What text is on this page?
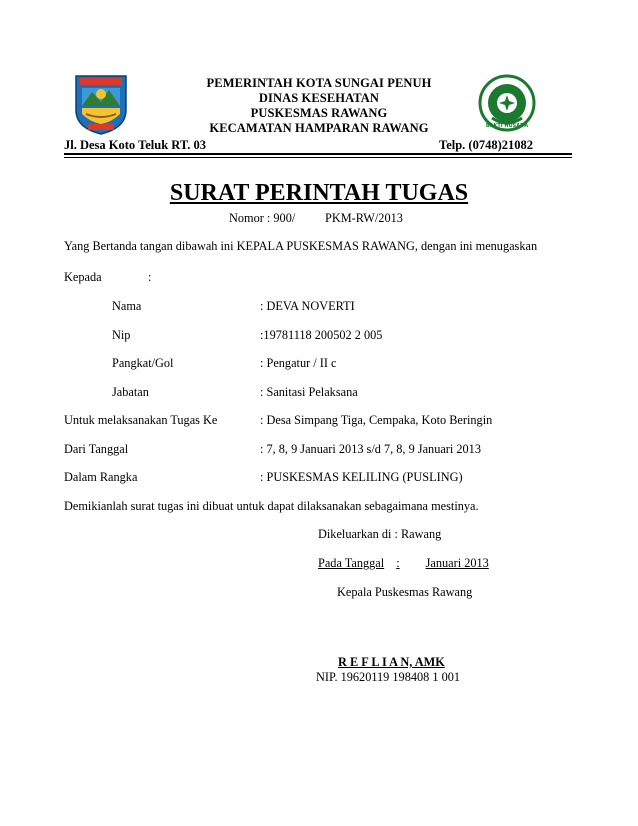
BAKTI HUSADA
PEMERINTAH KOTA SUNGAI PENUH
DINAS KESEHATAN
PUSKESMAS RAWANG
KECAMATAN HAMPARAN RAWANG
Jl. Desa Koto Teluk RT. 03	Telp. (0748)21082
SURAT PERINTAH TUGAS
Nomor : 900/ PKM-RW/2013
Yang Bertanda tangan dibawah ini KEPALA PUSKESMAS RAWANG, dengan ini menugaskan
Kepada	:
Nama	: DEVA NOVERTI
Nip	:19781118 200502 2 005
Pangkat/Gol	: Pengatur / II c
Jabatan	: Sanitasi Pelaksana
Untuk melaksanakan Tugas Ke	: Desa Simpang Tiga, Cempaka, Koto Beringin
Dari Tanggal	: 7, 8, 9 Januari 2013 s/d 7, 8, 9 Januari 2013
Dalam Rangka	: PUSKESMAS KELILING (PUSLING)
Demikianlah surat tugas ini dibuat untuk dapat dilaksanakan sebagaimana mestinya.
Dikeluarkan di : Rawang
Pada Tanggal : Januari 2013
Kepala Puskesmas Rawang
R E F L I A N, AMK
NIP. 19620119 198408 1 001
